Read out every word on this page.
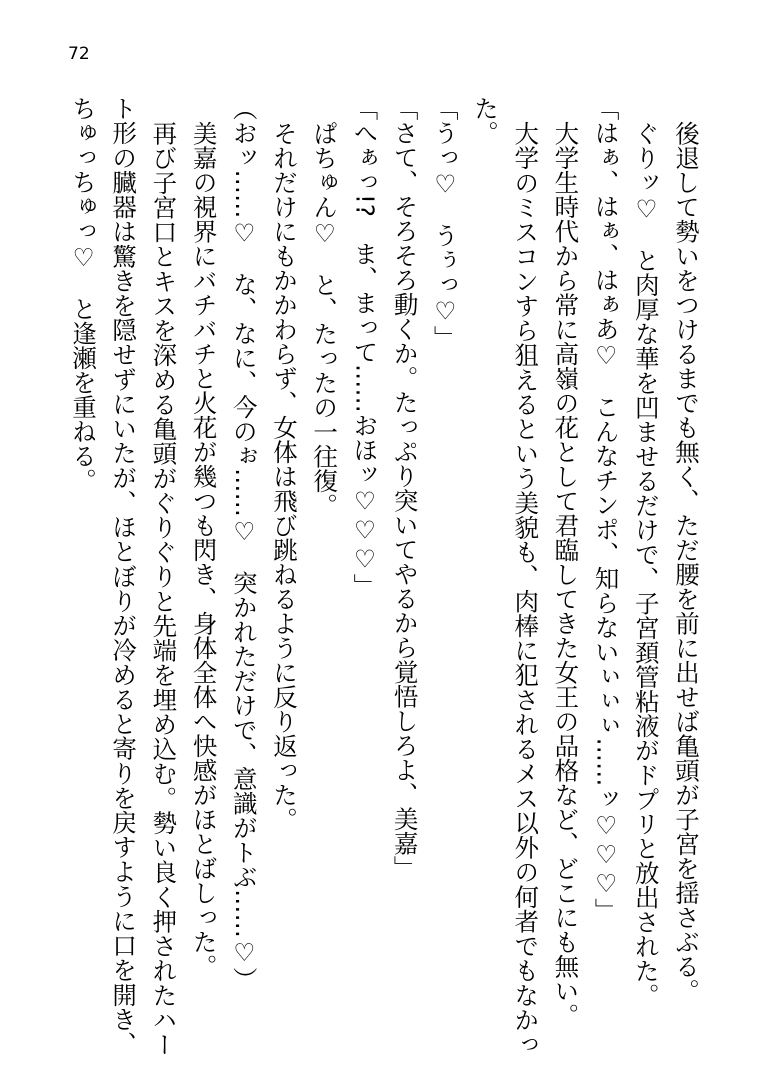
72

後退して勢いをつけるまでも無く、ただ腰を前に出せば亀頭が子宮を揺さぶる。

ぐりッ♡　と肉厚な華を凹ませるだけで、子宮頚管粘液がドプリと放出された。

「はぁ、はぁ、はぁあ♡　こんなチンポ、知らないぃぃぃ……ッ♡♡♡」

大学生時代から常に高嶺の花として君臨してきた女王の品格など、どこにも無い。

大学のミスコンすら狙えるという美貌も、肉棒に犯されるメス以外の何者でもなかった。

「うっ♡　うぅっ♡」

「さて、そろそろ動くか。たっぷり突いてやるから覚悟しろよ、美嘉」

「へぁっ!?　ま、まって……おほッ♡♡♡」

ぱちゅん♡　と、たったの一往復。

それだけにもかかわらず、女体は飛び跳ねるように反り返った。

（おッ……♡　な、なに、今のぉ……♡　突かれただけで、意識がトぶ……♡）

美嘉の視界にバチバチと火花が幾つも閃き、身体全体へ快感がほとばしった。

再び子宮口とキスを深める亀頭がぐりぐりと先端を埋め込む。勢い良く押されたハート形の臓器は驚きを隠せずにいたが、ほとぼりが冷めると寄りを戻すように口を開き、ちゅっちゅっ♡　と逢瀬を重ねる。
